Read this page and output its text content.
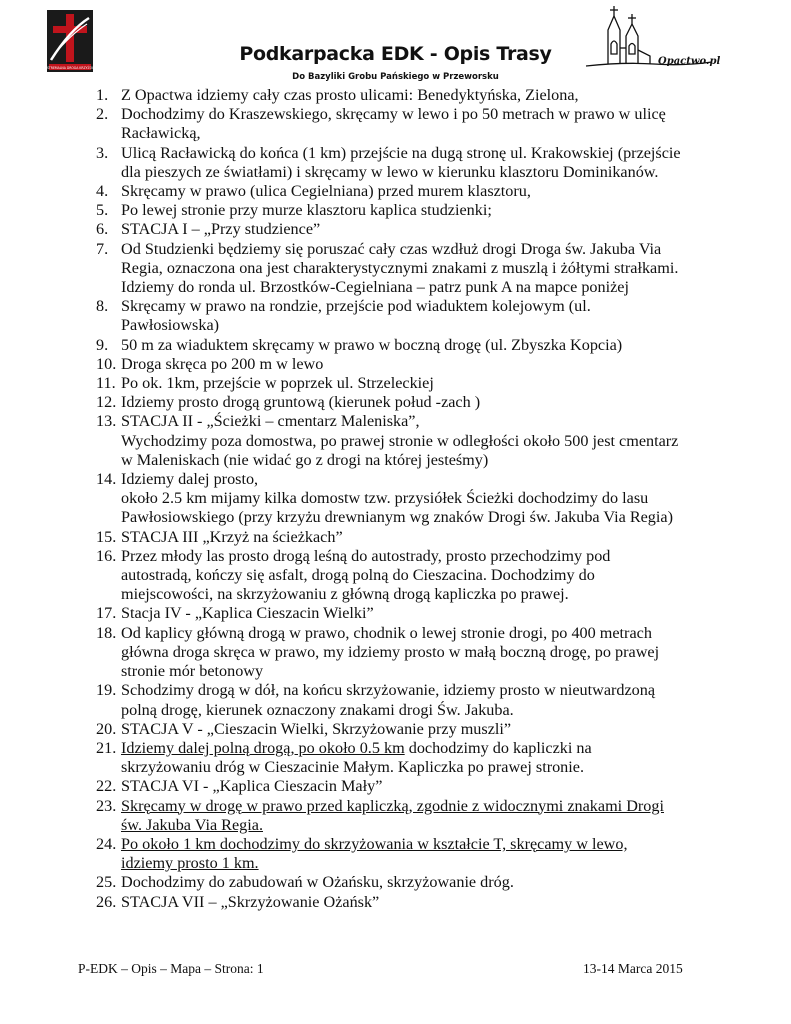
EKSTREMALNA DROGA KRZYŻOWA
Opactwo.pl
Podkarpacka EDK - Opis Trasy
Do Bazyliki Grobu Pańskiego w Przeworsku
1. Z Opactwa idziemy cały czas prosto ulicami: Benedyktyńska, Zielona,
2. Dochodzimy do Kraszewskiego, skręcamy w lewo i po 50 metrach w prawo w ulicę
Racławicką,
3. Ulicą Racławicką do końca (1 km) przejście na dugą stronę ul. Krakowskiej (przejście
dla pieszych ze światłami) i skręcamy w lewo w kierunku klasztoru Dominikanów.
4. Skręcamy w prawo (ulica Cegielniana) przed murem klasztoru,
5. Po lewej stronie przy murze klasztoru kaplica studzienki;
6. STACJA I – „Przy studzience”
7. Od Studzienki będziemy się poruszać cały czas wzdłuż drogi Droga św. Jakuba Via
Regia, oznaczona ona jest charakterystycznymi znakami z muszlą i żółtymi strałkami.
Idziemy do ronda ul. Brzostków-Cegielniana – patrz punk A na mapce poniżej
8. Skręcamy w prawo na rondzie, przejście pod wiaduktem kolejowym (ul.
Pawłosiowska)
9. 50 m za wiaduktem skręcamy w prawo w boczną drogę (ul. Zbyszka Kopcia)
10. Droga skręca po 200 m w lewo
11. Po ok. 1km, przejście w poprzek ul. Strzeleckiej
12. Idziemy prosto drogą gruntową (kierunek połud -zach )
13. STACJA II - „Ścieżki – cmentarz Maleniska”,
Wychodzimy poza domostwa, po prawej stronie w odległości około 500 jest cmentarz
w Maleniskach (nie widać go z drogi na której jesteśmy)
14. Idziemy dalej prosto,
około 2.5 km mijamy kilka domostw tzw. przysiółek Ścieżki dochodzimy do lasu
Pawłosiowskiego (przy krzyżu drewnianym wg znaków Drogi św. Jakuba Via Regia)
15. STACJA III „Krzyż na ścieżkach”
16. Przez młody las prosto drogą leśną do autostrady, prosto przechodzimy pod
autostradą, kończy się asfalt, drogą polną do Cieszacina. Dochodzimy do
miejscowości, na skrzyżowaniu z główną drogą kapliczka po prawej.
17. Stacja IV - „Kaplica Cieszacin Wielki”
18. Od kaplicy główną drogą w prawo, chodnik o lewej stronie drogi, po 400 metrach
główna droga skręca w prawo, my idziemy prosto w małą boczną drogę, po prawej
stronie mór betonowy
19. Schodzimy drogą w dół, na końcu skrzyżowanie, idziemy prosto w nieutwardzoną
polną drogę, kierunek oznaczony znakami drogi Św. Jakuba.
20. STACJA V - „Cieszacin Wielki, Skrzyżowanie przy muszli”
21. Idziemy dalej polną drogą, po około 0.5 km dochodzimy do kapliczki na
skrzyżowaniu dróg w Cieszacinie Małym. Kapliczka po prawej stronie.
22. STACJA VI - „Kaplica Cieszacin Mały”
23. Skręcamy w drogę w prawo przed kapliczką, zgodnie z widocznymi znakami Drogi
św. Jakuba Via Regia.
24. Po około 1 km dochodzimy do skrzyżowania w kształcie T, skręcamy w lewo,
idziemy prosto 1 km.
25. Dochodzimy do zabudowań w Ożańsku, skrzyżowanie dróg.
26. STACJA VII – „Skrzyżowanie Ożańsk”
P-EDK – Opis – Mapa – Strona: 1	13-14 Marca 2015
